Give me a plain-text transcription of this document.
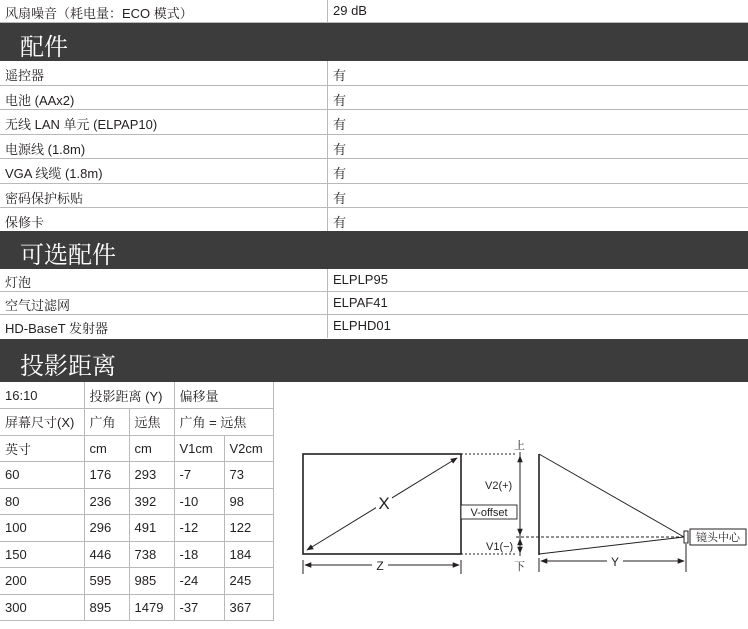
风扇噪音（耗电量：ECO 模式）	29 dB
配件
遥控器	有
电池 (AAx2)	有
无线 LAN 单元 (ELPAP10)	有
电源线 (1.8m)	有
VGA 线缆 (1.8m)	有
密码保护标贴	有
保修卡	有
可选配件
灯泡	ELPLP95
空气过滤网	ELPAF41
HD-BaseT 发射器	ELPHD01
投影距离
16:10	投影距离 (Y)		偏移量	
屏幕尺寸(X)	广角	远焦	广角 = 远焦	
英寸	cm	cm	V1cm	V2cm
60	176	293	-7	73
80	236	392	-10	98
100	296	491	-12	122
150	446	738	-18	184
200	595	985	-24	245
300	895	1479	-37	367
X
Z
上
下
V2(+)
V-offset
V1(−)
镜头中心
Y
